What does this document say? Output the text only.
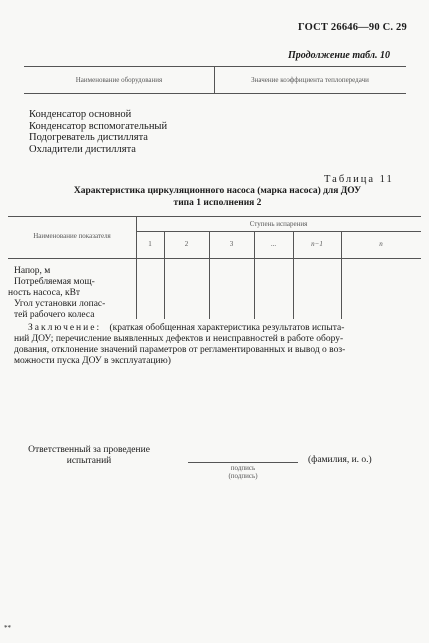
ГОСТ 26646—90 С. 29
Продолжение табл. 10
Наименование оборудования	Значение коэффициента теплопередачи
Конденсатор основной
Конденсатор вспомогательный
Подогреватель дистиллята
Охладители дистиллята
Таблица 11
Характеристика циркуляционного насоса (марка насоса) для ДОУ
типа 1 исполнения 2
Наименование показателя
Ступень испарения
1	2	3	...	n−1	n
Напор, м
Потребляемая мощ-
ность насоса, кВт
Угол установки лопас-
тей рабочего колеса
Заключение: (краткая обобщенная характеристика результатов испыта-
ний ДОУ; перечисление выявленных дефектов и неисправностей в работе обору-
дования, отклонение значений параметров от регламентированных и вывод о воз-
можности пуска ДОУ в эксплуатацию)
Ответственный за проведение
испытаний
подпись
(подпись)
(фамилия, и. о.)
**
